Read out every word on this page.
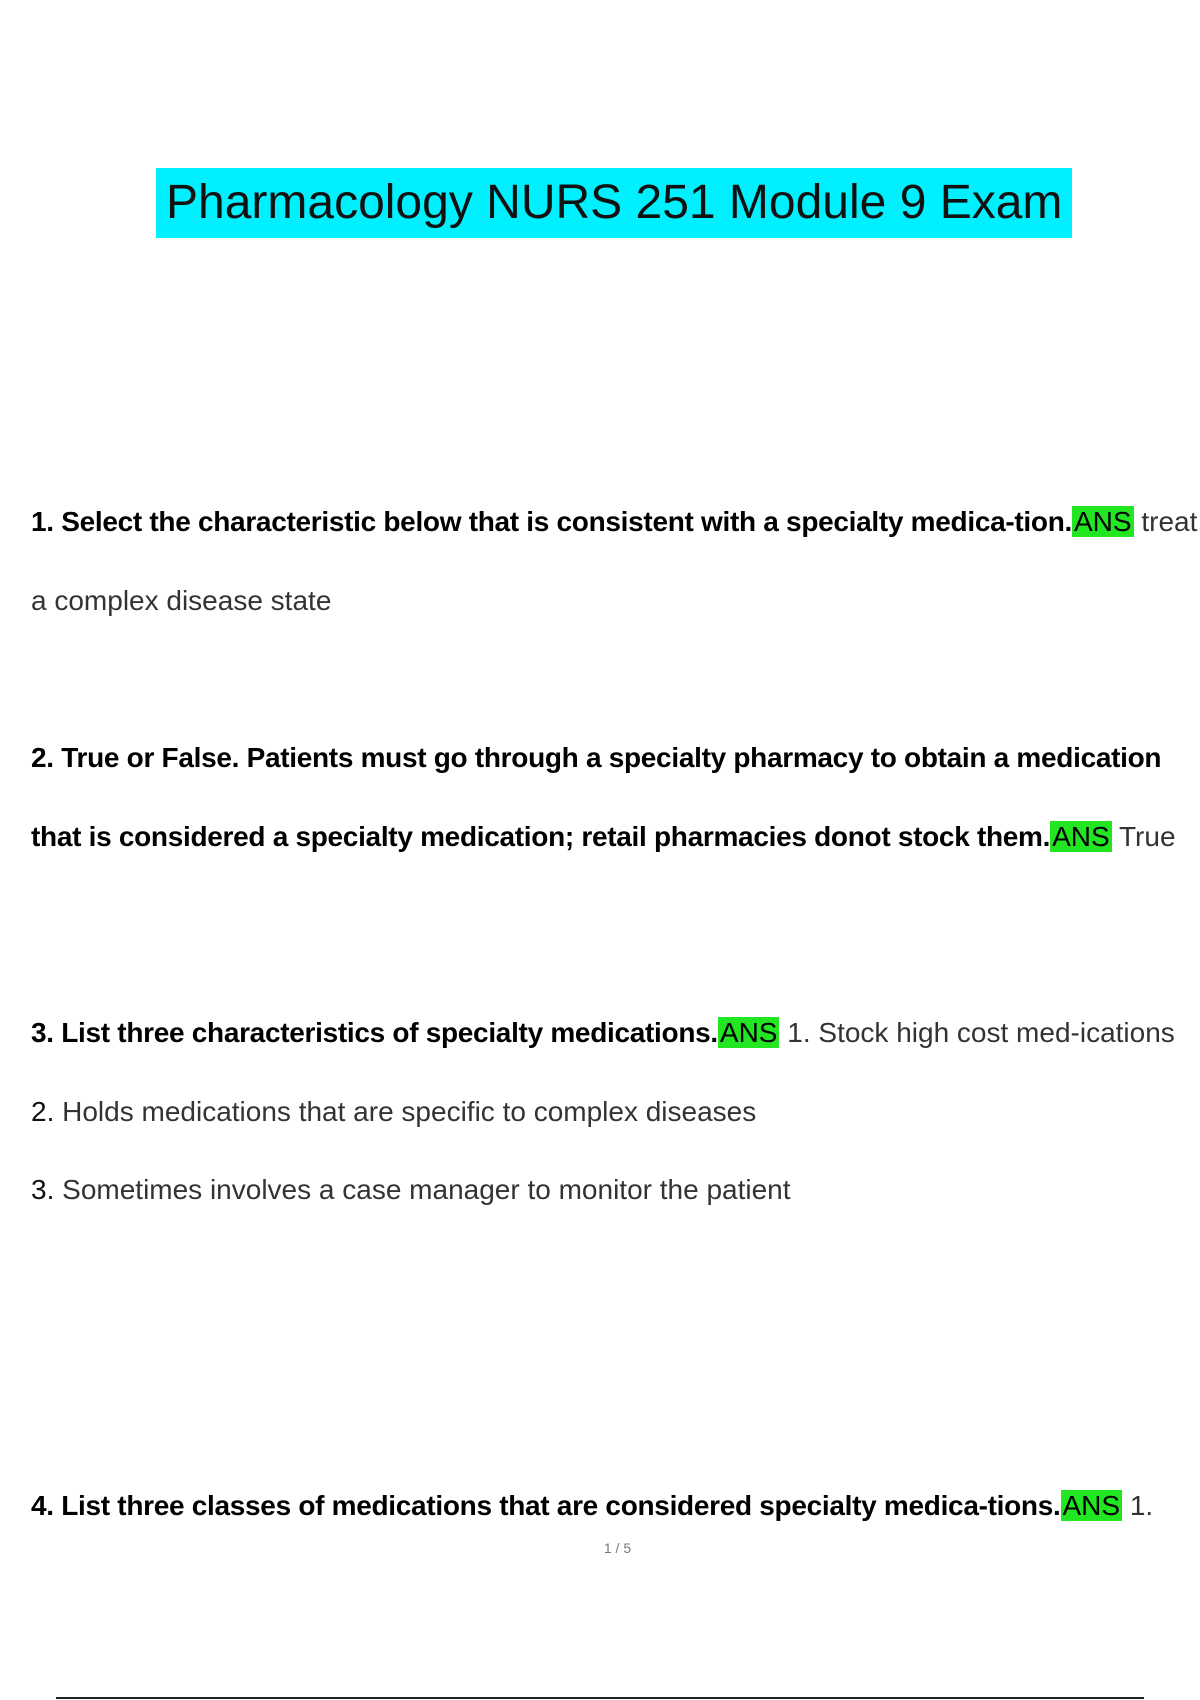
Pharmacology NURS 251 Module 9 Exam
1. Select the characteristic below that is consistent with a specialty medica-tion.ANS treat
a complex disease state
2. True or False. Patients must go through a specialty pharmacy to obtain a medication
that is considered a specialty medication; retail pharmacies donot stock them.ANS True
3. List three characteristics of specialty medications.ANS 1. Stock high cost med-ications
2. Holds medications that are specific to complex diseases
3. Sometimes involves a case manager to monitor the patient
4. List three classes of medications that are considered specialty medica-tions.ANS 1.
1 / 5
